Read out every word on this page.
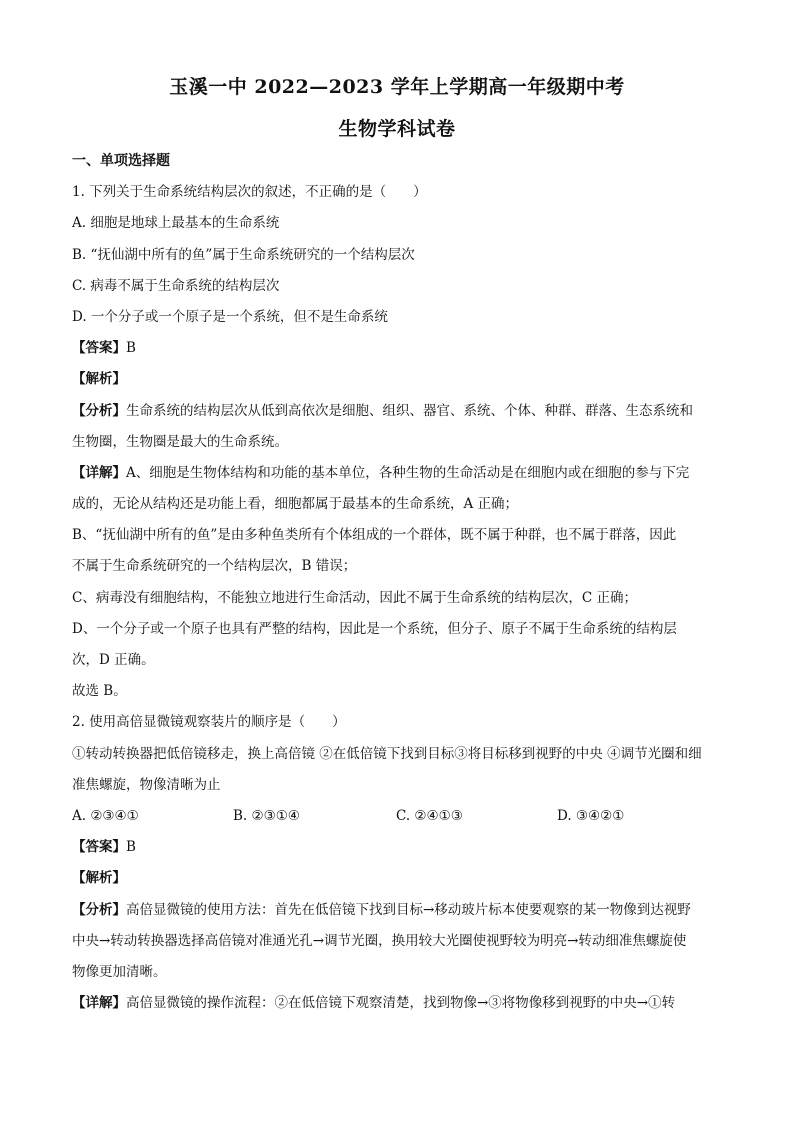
玉溪一中 2022—2023 学年上学期高一年级期中考
生物学科试卷
一、单项选择题
1. 下列关于生命系统结构层次的叙述，不正确的是（　　）
A. 细胞是地球上最基本的生命系统
B. “抚仙湖中所有的鱼”属于生命系统研究的一个结构层次
C. 病毒不属于生命系统的结构层次
D. 一个分子或一个原子是一个系统，但不是生命系统
【答案】B
【解析】
【分析】生命系统的结构层次从低到高依次是细胞、组织、器官、系统、个体、种群、群落、生态系统和
生物圈，生物圈是最大的生命系统。
【详解】A、细胞是生物体结构和功能的基本单位，各种生物的生命活动是在细胞内或在细胞的参与下完
成的，无论从结构还是功能上看，细胞都属于最基本的生命系统，A 正确；
B、“抚仙湖中所有的鱼”是由多种鱼类所有个体组成的一个群体，既不属于种群，也不属于群落，因此
不属于生命系统研究的一个结构层次，B 错误；
C、病毒没有细胞结构，不能独立地进行生命活动，因此不属于生命系统的结构层次，C 正确；
D、一个分子或一个原子也具有严整的结构，因此是一个系统，但分子、原子不属于生命系统的结构层
次，D 正确。
故选 B。
2. 使用高倍显微镜观察装片的顺序是（　　）
①转动转换器把低倍镜移走，换上高倍镜 ②在低倍镜下找到目标③将目标移到视野的中央 ④调节光圈和细
准焦螺旋，物像清晰为止
A. ②③④①	B. ②③①④	C. ②④①③	D. ③④②①
【答案】B
【解析】
【分析】高倍显微镜的使用方法：首先在低倍镜下找到目标→移动玻片标本使要观察的某一物像到达视野
中央→转动转换器选择高倍镜对准通光孔→调节光圈，换用较大光圈使视野较为明亮→转动细准焦螺旋使
物像更加清晰。
【详解】高倍显微镜的操作流程：②在低倍镜下观察清楚，找到物像→③将物像移到视野的中央→①转
